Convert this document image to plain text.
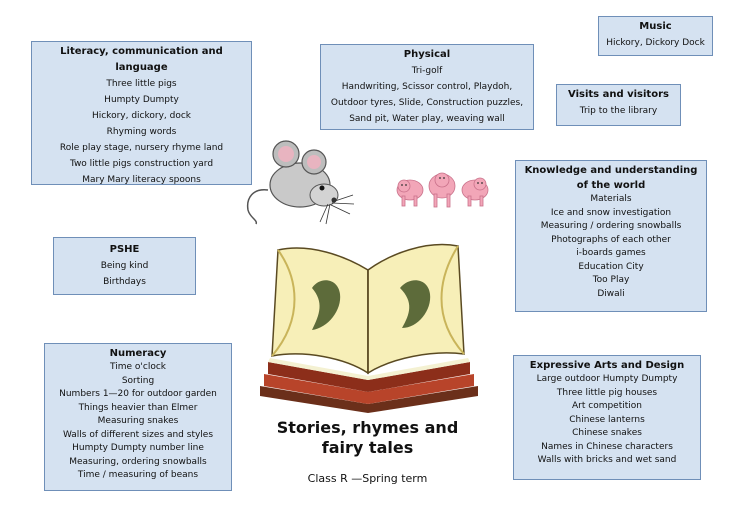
Literacy, communication and language
Three little pigs
Humpty Dumpty
Hickory, dickory, dock
Rhyming words
Role play stage, nursery rhyme land
Two little pigs construction yard
Mary Mary literacy spoons
Physical
Tri-golf
Handwriting, Scissor control, Playdoh, Outdoor tyres, Slide, Construction puzzles, Sand pit, Water play, weaving wall
Music
Hickory, Dickory Dock
Visits and visitors
Trip to the library
Knowledge and understanding of the world
Materials
Ice and snow investigation
Measuring / ordering snowballs
Photographs of each other
i-boards games
Education City
Too Play
Diwali
PSHE
Being kind
Birthdays
Numeracy
Time o'clock
Sorting
Numbers 1—20 for outdoor garden
Things heavier than Elmer
Measuring snakes
Walls of different sizes and styles
Humpty Dumpty number line
Measuring, ordering snowballs
Time / measuring of beans
Expressive Arts and Design
Large outdoor Humpty Dumpty
Three little pig houses
Art competition
Chinese lanterns
Chinese snakes
Names in Chinese characters
Walls with bricks and wet sand
Stories, rhymes and fairy tales
Class R —Spring term
